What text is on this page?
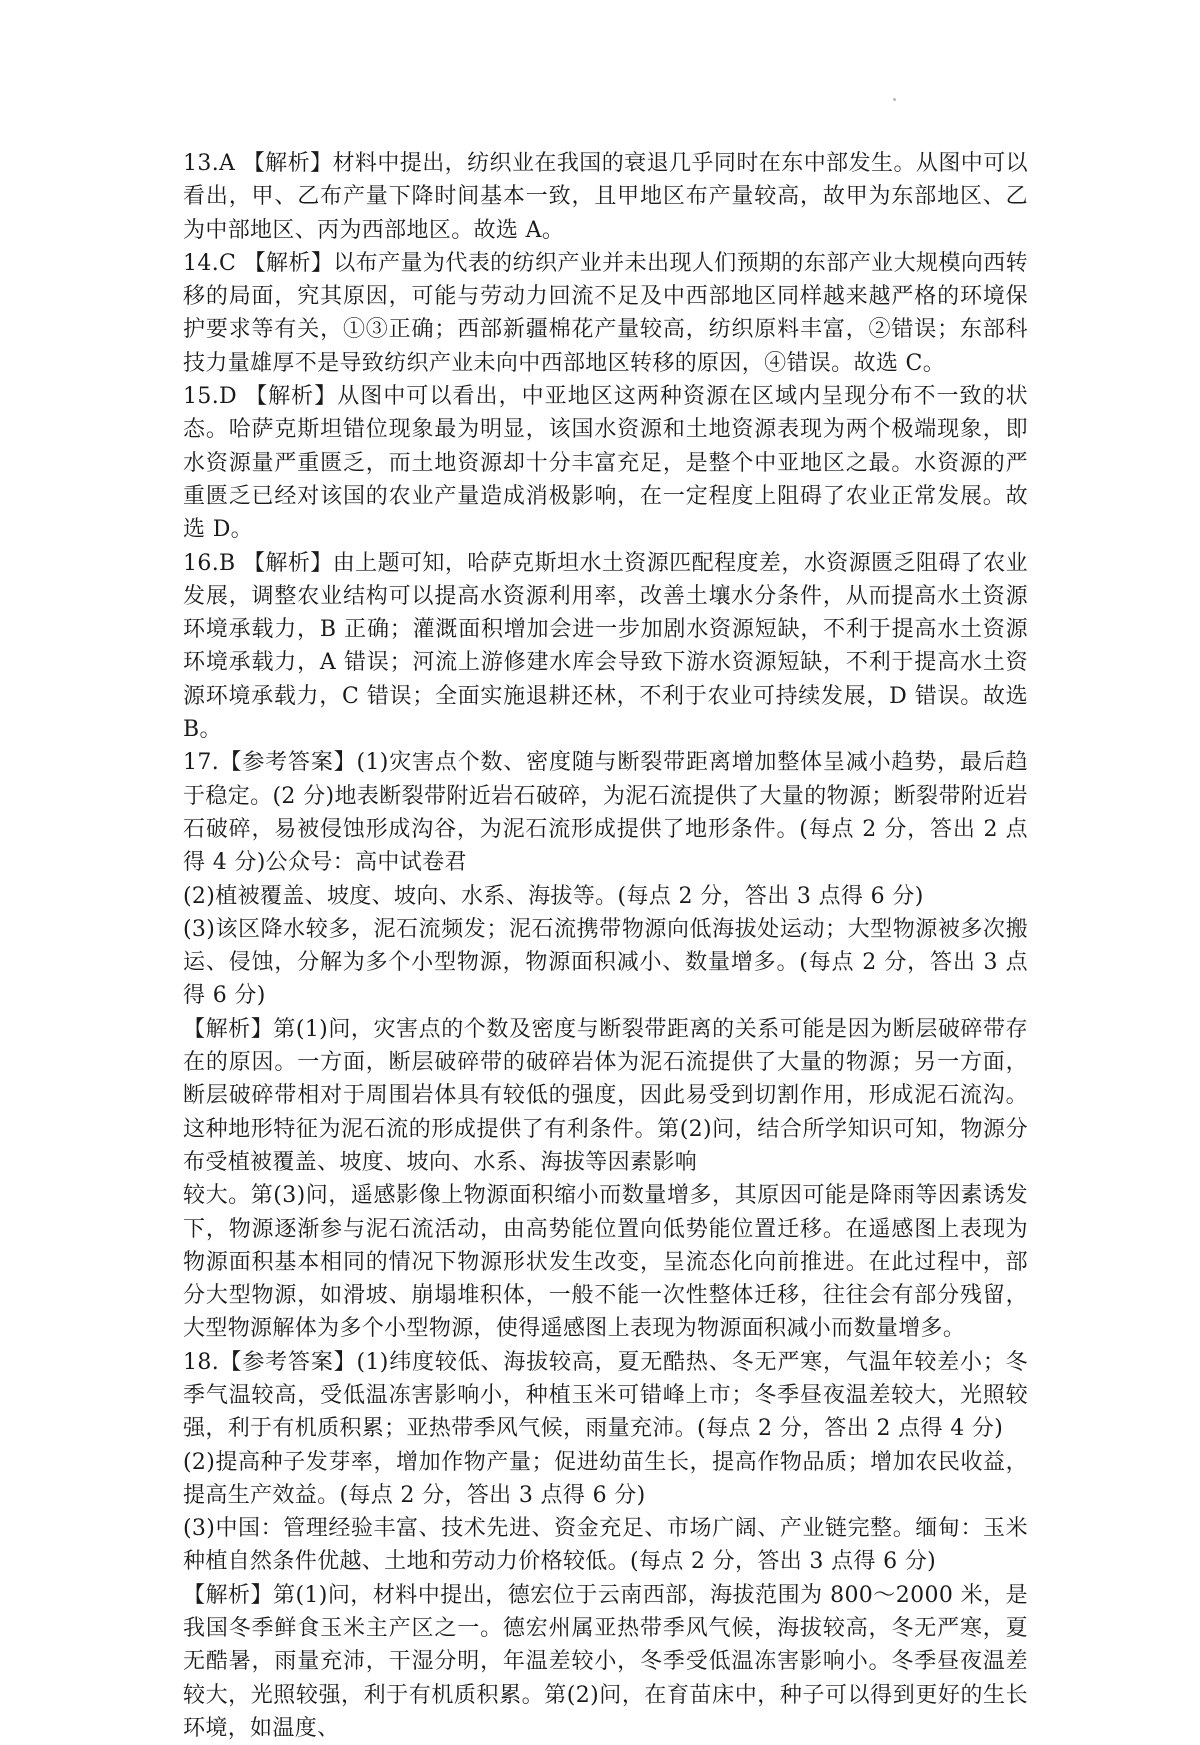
13.A 【解析】材料中提出，纺织业在我国的衰退几乎同时在东中部发生。从图中可以看出，甲、乙布产量下降时间基本一致，且甲地区布产量较高，故甲为东部地区、乙为中部地区、丙为西部地区。故选 A。

14.C 【解析】以布产量为代表的纺织产业并未出现人们预期的东部产业大规模向西转移的局面，究其原因，可能与劳动力回流不足及中西部地区同样越来越严格的环境保护要求等有关，①③正确；西部新疆棉花产量较高，纺织原料丰富，②错误；东部科技力量雄厚不是导致纺织产业未向中西部地区转移的原因，④错误。故选 C。

15.D 【解析】从图中可以看出，中亚地区这两种资源在区域内呈现分布不一致的状态。哈萨克斯坦错位现象最为明显，该国水资源和土地资源表现为两个极端现象，即水资源量严重匮乏，而土地资源却十分丰富充足，是整个中亚地区之最。水资源的严重匮乏已经对该国的农业产量造成消极影响，在一定程度上阻碍了农业正常发展。故选 D。

16.B 【解析】由上题可知，哈萨克斯坦水土资源匹配程度差，水资源匮乏阻碍了农业发展，调整农业结构可以提高水资源利用率，改善土壤水分条件，从而提高水土资源环境承载力，B 正确；灌溉面积增加会进一步加剧水资源短缺，不利于提高水土资源环境承载力，A 错误；河流上游修建水库会导致下游水资源短缺，不利于提高水土资源环境承载力，C 错误；全面实施退耕还林，不利于农业可持续发展，D 错误。故选 B。

17.【参考答案】(1)灾害点个数、密度随与断裂带距离增加整体呈减小趋势，最后趋于稳定。(2 分)地表断裂带附近岩石破碎，为泥石流提供了大量的物源；断裂带附近岩石破碎，易被侵蚀形成沟谷，为泥石流形成提供了地形条件。(每点 2 分，答出 2 点得 4 分)公众号：高中试卷君

(2)植被覆盖、坡度、坡向、水系、海拔等。(每点 2 分，答出 3 点得 6 分)

(3)该区降水较多，泥石流频发；泥石流携带物源向低海拔处运动；大型物源被多次搬运、侵蚀，分解为多个小型物源，物源面积减小、数量增多。(每点 2 分，答出 3 点得 6 分)

【解析】第(1)问，灾害点的个数及密度与断裂带距离的关系可能是因为断层破碎带存在的原因。一方面，断层破碎带的破碎岩体为泥石流提供了大量的物源；另一方面，断层破碎带相对于周围岩体具有较低的强度，因此易受到切割作用，形成泥石流沟。这种地形特征为泥石流的形成提供了有利条件。第(2)问，结合所学知识可知，物源分布受植被覆盖、坡度、坡向、水系、海拔等因素影响

较大。第(3)问，遥感影像上物源面积缩小而数量增多，其原因可能是降雨等因素诱发下，物源逐渐参与泥石流活动，由高势能位置向低势能位置迁移。在遥感图上表现为物源面积基本相同的情况下物源形状发生改变，呈流态化向前推进。在此过程中，部分大型物源，如滑坡、崩塌堆积体，一般不能一次性整体迁移，往往会有部分残留，大型物源解体为多个小型物源，使得遥感图上表现为物源面积减小而数量增多。

18.【参考答案】(1)纬度较低、海拔较高，夏无酷热、冬无严寒，气温年较差小；冬季气温较高，受低温冻害影响小，种植玉米可错峰上市；冬季昼夜温差较大，光照较强，利于有机质积累；亚热带季风气候，雨量充沛。(每点 2 分，答出 2 点得 4 分)

(2)提高种子发芽率，增加作物产量；促进幼苗生长，提高作物品质；增加农民收益，提高生产效益。(每点 2 分，答出 3 点得 6 分)

(3)中国：管理经验丰富、技术先进、资金充足、市场广阔、产业链完整。缅甸：玉米种植自然条件优越、土地和劳动力价格较低。(每点 2 分，答出 3 点得 6 分)

【解析】第(1)问，材料中提出，德宏位于云南西部，海拔范围为 800～2000 米，是我国冬季鲜食玉米主产区之一。德宏州属亚热带季风气候，海拔较高，冬无严寒，夏无酷暑，雨量充沛，干湿分明，年温差较小，冬季受低温冻害影响小。冬季昼夜温差较大，光照较强，利于有机质积累。第(2)问，在育苗床中，种子可以得到更好的生长环境，如温度、
